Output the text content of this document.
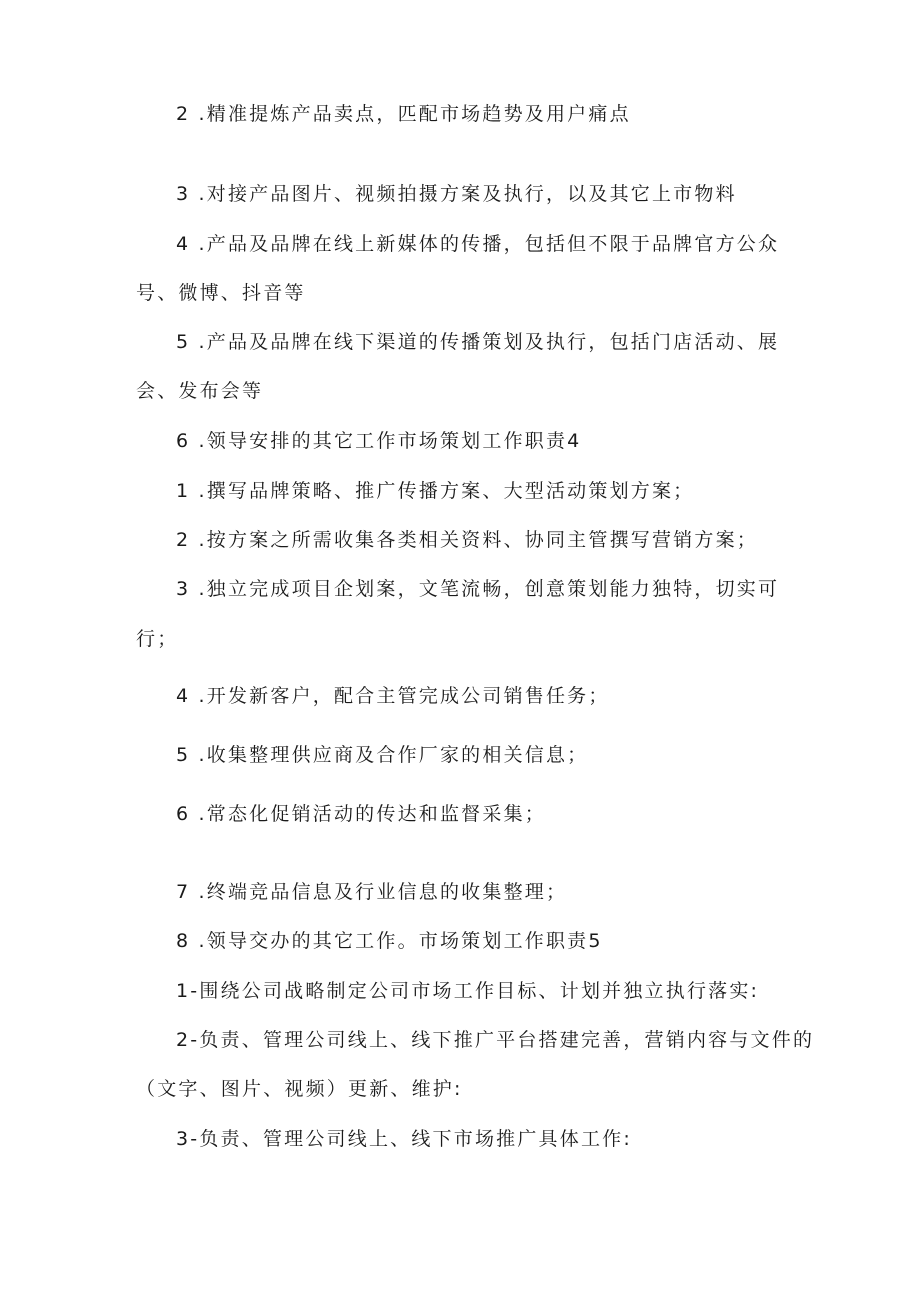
2 .精准提炼产品卖点，匹配市场趋势及用户痛点
3 .对接产品图片、视频拍摄方案及执行，以及其它上市物料
4 .产品及品牌在线上新媒体的传播，包括但不限于品牌官方公众
号、微博、抖音等
5 .产品及品牌在线下渠道的传播策划及执行，包括门店活动、展
会、发布会等
6 .领导安排的其它工作市场策划工作职责4
1 .撰写品牌策略、推广传播方案、大型活动策划方案；
2 .按方案之所需收集各类相关资料、协同主管撰写营销方案；
3 .独立完成项目企划案，文笔流畅，创意策划能力独特，切实可
行；
4 .开发新客户，配合主管完成公司销售任务；
5 .收集整理供应商及合作厂家的相关信息；
6 .常态化促销活动的传达和监督采集；
7 .终端竞品信息及行业信息的收集整理；
8 .领导交办的其它工作。市场策划工作职责5
1-围绕公司战略制定公司市场工作目标、计划并独立执行落实:
2-负责、管理公司线上、线下推广平台搭建完善，营销内容与文件的
（文字、图片、视频）更新、维护:
3-负责、管理公司线上、线下市场推广具体工作:
